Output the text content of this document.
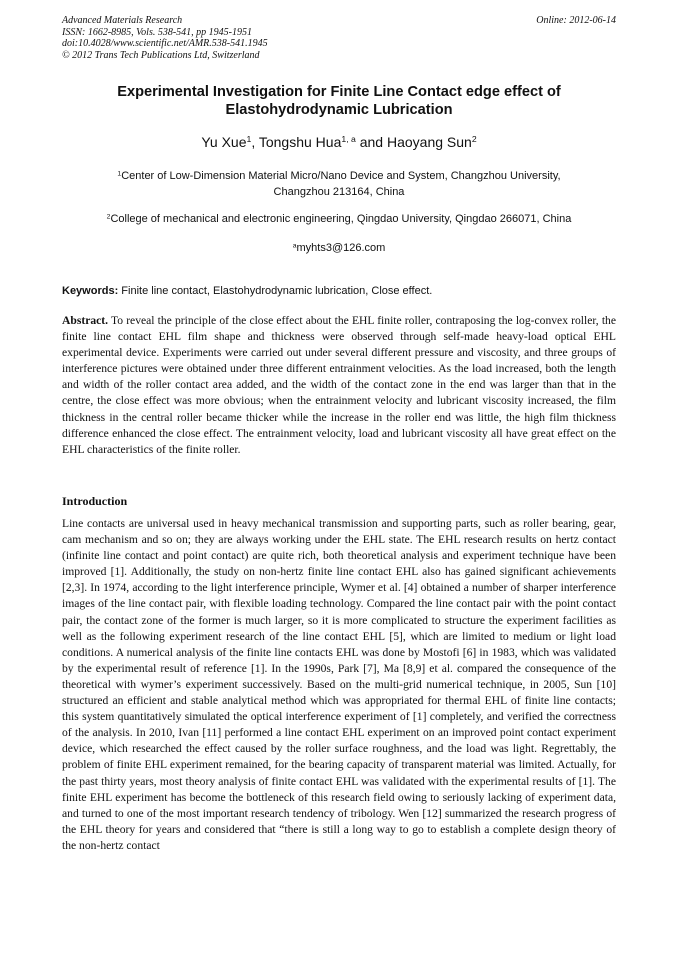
Advanced Materials Research
ISSN: 1662-8985, Vols. 538-541, pp 1945-1951
doi:10.4028/www.scientific.net/AMR.538-541.1945
© 2012 Trans Tech Publications Ltd, Switzerland
Online: 2012-06-14
Experimental Investigation for Finite Line Contact edge effect of
Elastohydrodynamic Lubrication
Yu Xue$^1$, Tongshu Hua$^{1, a}$ and Haoyang Sun$^2$
$^1$Center of Low-Dimension Material Micro/Nano Device and System, Changzhou University,
Changzhou 213164, China
$^2$College of mechanical and electronic engineering, Qingdao University, Qingdao 266071, China
$^a$myhts3@126.com
Keywords: Finite line contact, Elastohydrodynamic lubrication, Close effect.

Abstract. To reveal the principle of the close effect about the EHL finite roller, contraposing the log-convex roller, the finite line contact EHL film shape and thickness were observed through self-made heavy-load optical EHL experimental device. Experiments were carried out under several different pressure and viscosity, and three groups of interference pictures were obtained under three different entrainment velocities. As the load increased, both the length and width of the roller contact area added, and the width of the contact zone in the end was larger than that in the centre, the close effect was more obvious; when the entrainment velocity and lubricant viscosity increased, the film thickness in the central roller became thicker while the increase in the roller end was little, the high film thickness difference enhanced the close effect. The entrainment velocity, load and lubricant viscosity all have great effect on the EHL characteristics of the finite roller.

Introduction

Line contacts are universal used in heavy mechanical transmission and supporting parts, such as roller bearing, gear, cam mechanism and so on; they are always working under the EHL state. The EHL research results on hertz contact (infinite line contact and point contact) are quite rich, both theoretical analysis and experiment technique have been improved [1]. Additionally, the study on non-hertz finite line contact EHL also has gained significant achievements [2,3]. In 1974, according to the light interference principle, Wymer et al. [4] obtained a number of sharper interference images of the line contact pair, with flexible loading technology. Compared the line contact pair with the point contact pair, the contact zone of the former is much larger, so it is more complicated to structure the experiment facilities as well as the following experiment research of the line contact EHL [5], which are limited to medium or light load conditions. A numerical analysis of the finite line contacts EHL was done by Mostofi [6] in 1983, which was validated by the experimental result of reference [1]. In the 1990s, Park [7], Ma [8,9] et al. compared the consequence of the theoretical with wymer’s experiment successively. Based on the multi-grid numerical technique, in 2005, Sun [10] structured an efficient and stable analytical method which was appropriated for thermal EHL of finite line contacts; this system quantitatively simulated the optical interference experiment of [1] completely, and verified the correctness of the analysis. In 2010, Ivan [11] performed a line contact EHL experiment on an improved point contact experiment device, which researched the effect caused by the roller surface roughness, and the load was light. Regrettably, the problem of finite EHL experiment remained, for the bearing capacity of transparent material was limited. Actually, for the past thirty years, most theory analysis of finite contact EHL was validated with the experimental results of [1]. The finite EHL experiment has become the bottleneck of this research field owing to seriously lacking of experiment data, and turned to one of the most important research tendency of tribology. Wen [12] summarized the research progress of the EHL theory for years and considered that “there is still a long way to go to establish a complete design theory of the non-hertz contact
